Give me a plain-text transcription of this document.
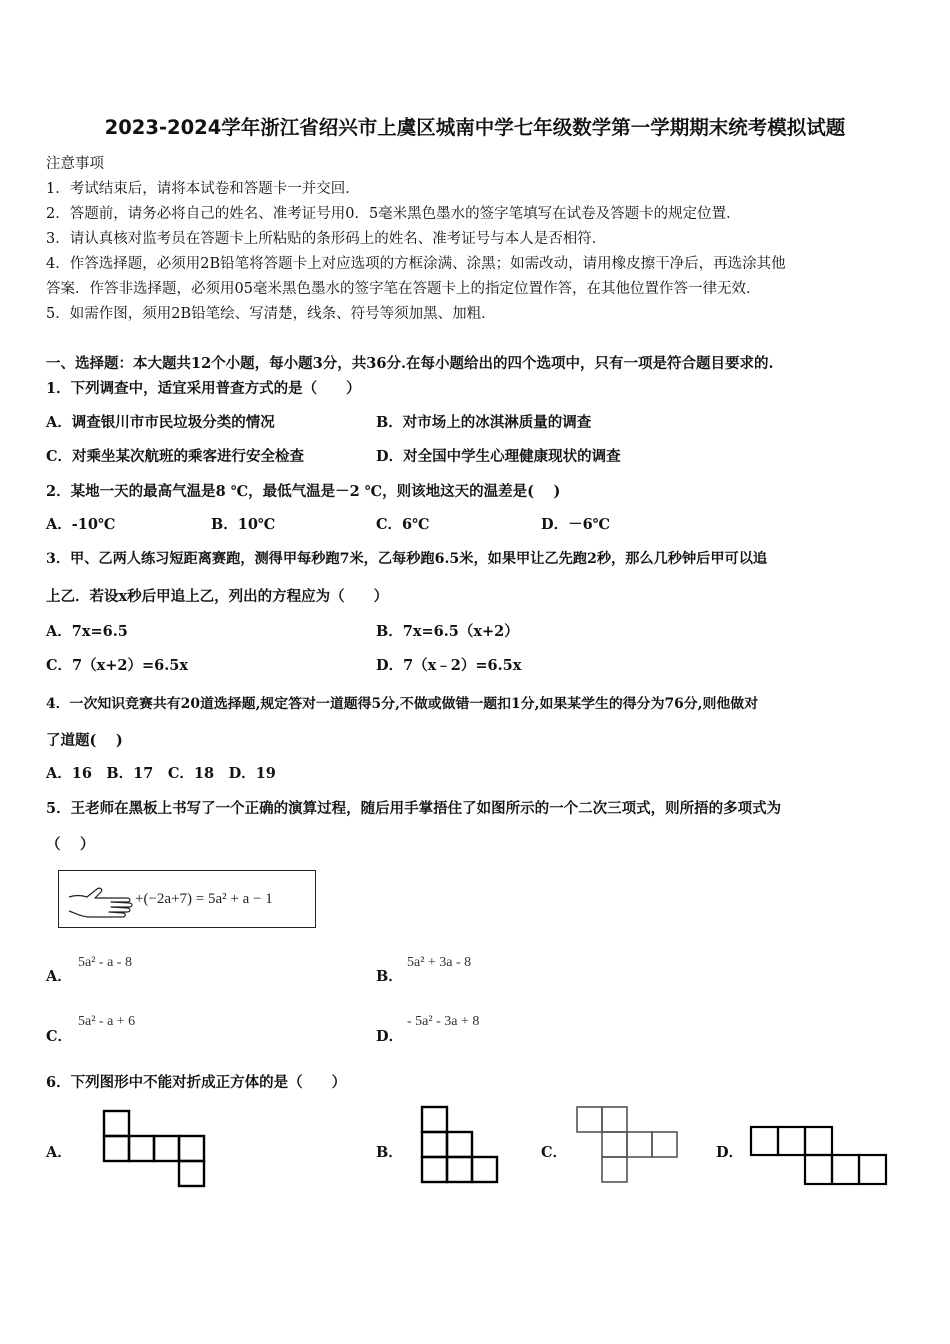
2023-2024学年浙江省绍兴市上虞区城南中学七年级数学第一学期期末统考模拟试题
注意事项
1．考试结束后，请将本试卷和答题卡一并交回．
2．答题前，请务必将自己的姓名、准考证号用0．5毫米黑色墨水的签字笔填写在试卷及答题卡的规定位置．
3．请认真核对监考员在答题卡上所粘贴的条形码上的姓名、准考证号与本人是否相符．
4．作答选择题，必须用2B铅笔将答题卡上对应选项的方框涂满、涂黑；如需改动，请用橡皮擦干净后，再选涂其他
答案．作答非选择题，必须用05毫米黑色墨水的签字笔在答题卡上的指定位置作答，在其他位置作答一律无效．
5．如需作图，须用2B铅笔绘、写清楚，线条、符号等须加黑、加粗．
一、选择题：本大题共12个小题，每小题3分，共36分.在每小题给出的四个选项中，只有一项是符合题目要求的.
1．下列调查中，适宜采用普查方式的是（　　）
A．调查银川市市民垃圾分类的情况	B．对市场上的冰淇淋质量的调查
C．对乘坐某次航班的乘客进行安全检查	D．对全国中学生心理健康现状的调查
2．某地一天的最高气温是8 ℃，最低气温是－2 ℃，则该地这天的温差是(　 )
A．-10℃	B．10℃	C．6℃	D．－6℃
3．甲、乙两人练习短距离赛跑，测得甲每秒跑7米，乙每秒跑6.5米，如果甲让乙先跑2秒，那么几秒钟后甲可以追
上乙．若设x秒后甲追上乙，列出的方程应为（　　）
A．7x=6.5	B．7x=6.5（x+2）
C．7（x+2）=6.5x	D．7（x﹣2）=6.5x
4．一次知识竞赛共有20道选择题,规定答对一道题得5分,不做或做错一题扣1分,如果某学生的得分为76分,则他做对
了道题(　 )
A．16　B．17　C．18　D．19
5．王老师在黑板上书写了一个正确的演算过程，随后用手掌捂住了如图所示的一个二次三项式，则所捂的多项式为
（　 ）
+(−2a+7) = 5a² + a − 1
A．
5a² - a - 8
B．
5a² + 3a - 8
C．
5a² - a + 6
D．
- 5a² - 3a + 8
6．下列图形中不能对折成正方体的是（　　）
A．	B．	C．	D．
